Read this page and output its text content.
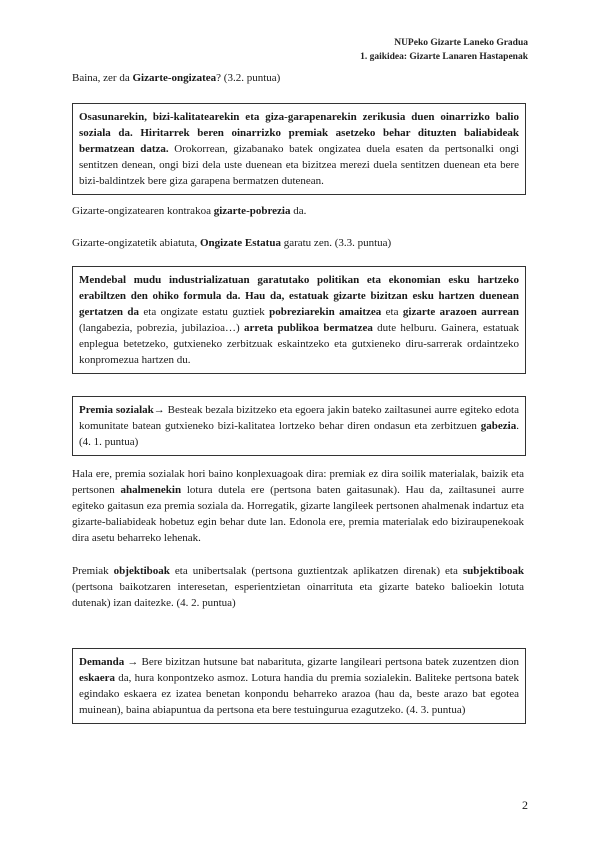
NUPeko Gizarte Laneko Gradua
1. gaikidea: Gizarte Lanaren Hastapenak

Baina, zer da Gizarte-ongizatea? (3.2. puntua)

Osasunarekin, bizi-kalitatearekin eta giza-garapenarekin zerikusia duen oinarrizko balio soziala da. Hiritarrek beren oinarrizko premiak asetzeko behar dituzten baliabideak bermatzean datza. Orokorrean, gizabanako batek ongizatea duela esaten da pertsonalki ongi sentitzen denean, ongi bizi dela uste duenean eta bizitzea merezi duela sentitzen duenean eta bere bizi-baldintzek bere giza garapena bermatzen dutenean.

Gizarte-ongizatearen kontrakoa gizarte-pobrezia da.

Gizarte-ongizatetik abiatuta, Ongizate Estatua garatu zen. (3.3. puntua)

Mendebal mudu industrializatuan garatutako politikan eta ekonomian esku hartzeko erabiltzen den ohiko formula da. Hau da, estatuak gizarte bizitzan esku hartzen duenean gertatzen da eta ongizate estatu guztiek pobreziarekin amaitzea eta gizarte arazoen aurrean (langabezia, pobrezia, jubilazioa…) arreta publikoa bermatzea dute helburu. Gainera, estatuak enplegua betetzeko, gutxieneko zerbitzuak eskaintzeko eta gutxieneko diru-sarrerak ordaintzeko konpromezua hartzen du.

Premia sozialak→ Besteak bezala bizitzeko eta egoera jakin bateko zailtasunei aurre egiteko edota komunitate batean gutxieneko bizi-kalitatea lortzeko behar diren ondasun eta zerbitzuen gabezia. (4. 1. puntua)

Hala ere, premia sozialak hori baino konplexuagoak dira: premiak ez dira soilik materialak, baizik eta pertsonen ahalmenekin lotura dutela ere (pertsona baten gaitasunak). Hau da, zailtasunei aurre egiteko gaitasun eza premia soziala da. Horregatik, gizarte langileek pertsonen ahalmenak indartuz eta gizarte-baliabideak hobetuz egin behar dute lan. Edonola ere, premia materialak edo biziraupenekoak dira asetu beharreko lehenak.

Premiak objektiboak eta unibertsalak (pertsona guztientzak aplikatzen direnak) eta subjektiboak (pertsona baikotzaren interesetan, esperientzietan oinarrituta eta gizarte bateko balioekin lotuta dutenak) izan daitezke. (4. 2. puntua)

Demanda → Bere bizitzan hutsune bat nabarituta, gizarte langileari pertsona batek zuzentzen dion eskaera da, hura konpontzeko asmoz. Lotura handia du premia sozialekin. Baliteke pertsona batek egindako eskaera ez izatea benetan konpondu beharreko arazoa (hau da, beste arazo bat egotea muinean), baina abiapuntua da pertsona eta bere testuingurua ezagutzeko. (4. 3. puntua)

2
